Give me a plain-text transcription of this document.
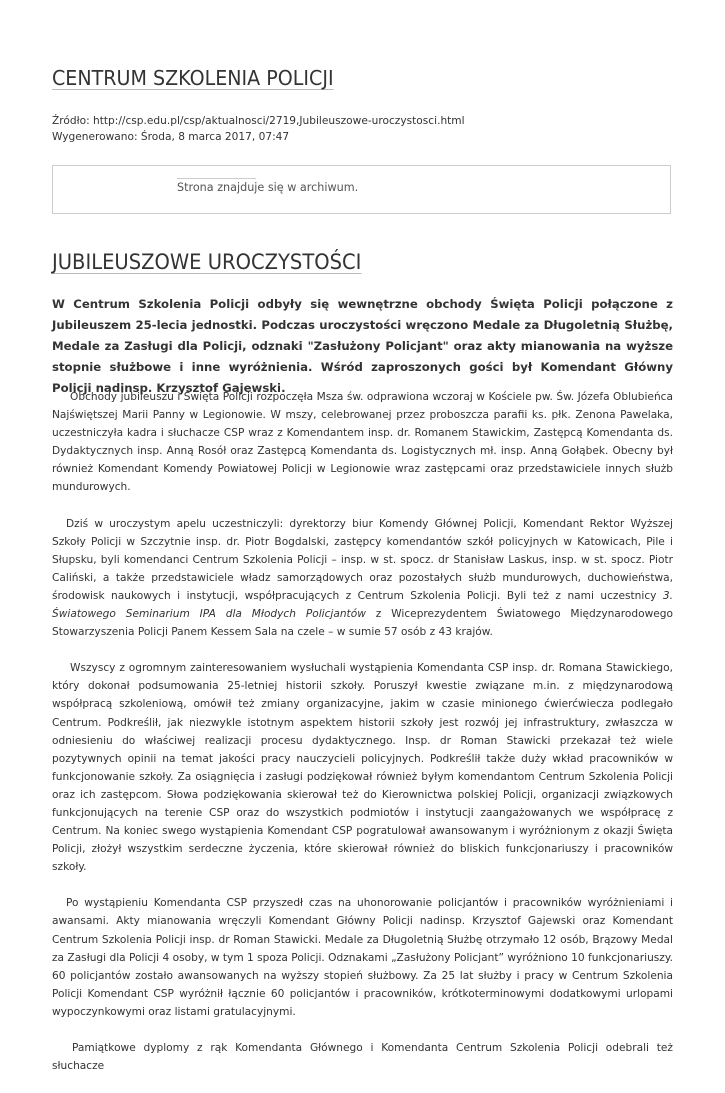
CENTRUM SZKOLENIA POLICJI
Źródło: http://csp.edu.pl/csp/aktualnosci/2719,Jubileuszowe-uroczystosci.html
Wygenerowano: Środa, 8 marca 2017, 07:47
Strona znajduje się w archiwum.
JUBILEUSZOWE UROCZYSTOŚCI

W Centrum Szkolenia Policji odbyły się wewnętrzne obchody Święta Policji połączone z Jubileuszem 25-lecia jednostki. Podczas uroczystości wręczono Medale za Długoletnią Służbę, Medale za Zasługi dla Policji, odznaki "Zasłużony Policjant" oraz akty mianowania na wyższe stopnie służbowe i inne wyróżnienia. Wśród zaproszonych gości był Komendant Główny Policji nadinsp. Krzysztof Gajewski.

Obchody jubileuszu i Święta Policji rozpoczęła Msza św. odprawiona wczoraj w Kościele pw. Św. Józefa Oblubieńca Najświętszej Marii Panny w Legionowie. W mszy, celebrowanej przez proboszcza parafii ks. płk. Zenona Pawelaka, uczestniczyła kadra i słuchacze CSP wraz z Komendantem insp. dr. Romanem Stawickim, Zastępcą Komendanta ds. Dydaktycznych insp. Anną Rosół oraz Zastępcą Komendanta ds. Logistycznych mł. insp. Anną Gołąbek. Obecny był również Komendant Komendy Powiatowej Policji w Legionowie wraz zastępcami oraz przedstawiciele innych służb mundurowych.

Dziś w uroczystym apelu uczestniczyli: dyrektorzy biur Komendy Głównej Policji, Komendant Rektor Wyższej Szkoły Policji w Szczytnie insp. dr. Piotr Bogdalski, zastępcy komendantów szkół policyjnych w Katowicach, Pile i Słupsku, byli komendanci Centrum Szkolenia Policji – insp. w st. spocz. dr Stanisław Laskus, insp. w st. spocz. Piotr Caliński, a także przedstawiciele władz samorządowych oraz pozostałych służb mundurowych, duchowieństwa, środowisk naukowych i instytucji, współpracujących z Centrum Szkolenia Policji. Byli też z nami uczestnicy 3. Światowego Seminarium IPA dla Młodych Policjantów z Wiceprezydentem Światowego Międzynarodowego Stowarzyszenia Policji Panem Kessem Sala na czele – w sumie 57 osób z 43 krajów.

Wszyscy z ogromnym zainteresowaniem wysłuchali wystąpienia Komendanta CSP insp. dr. Romana Stawickiego, który dokonał podsumowania 25-letniej historii szkoły. Poruszył kwestie związane m.in. z międzynarodową współpracą szkoleniową, omówił też zmiany organizacyjne, jakim w czasie minionego ćwierćwiecza podlegało Centrum. Podkreślił, jak niezwykle istotnym aspektem historii szkoły jest rozwój jej infrastruktury, zwłaszcza w odniesieniu do właściwej realizacji procesu dydaktycznego. Insp. dr Roman Stawicki przekazał też wiele pozytywnych opinii na temat jakości pracy nauczycieli policyjnych. Podkreślił także duży wkład pracowników w funkcjonowanie szkoły. Za osiągnięcia i zasługi podziękował również byłym komendantom Centrum Szkolenia Policji oraz ich zastępcom. Słowa podziękowania skierował też do Kierownictwa polskiej Policji, organizacji związkowych funkcjonujących na terenie CSP oraz do wszystkich podmiotów i instytucji zaangażowanych we współpracę z Centrum. Na koniec swego wystąpienia Komendant CSP pogratulował awansowanym i wyróżnionym z okazji Święta Policji, złożył wszystkim serdeczne życzenia, które skierował również do bliskich funkcjonariuszy i pracowników szkoły.

Po wystąpieniu Komendanta CSP przyszedł czas na uhonorowanie policjantów i pracowników wyróżnieniami i awansami. Akty mianowania wręczyli Komendant Główny Policji nadinsp. Krzysztof Gajewski oraz Komendant Centrum Szkolenia Policji insp. dr Roman Stawicki. Medale za Długoletnią Służbę otrzymało 12 osób, Brązowy Medal za Zasługi dla Policji 4 osoby, w tym 1 spoza Policji. Odznakami „Zasłużony Policjant” wyróżniono 10 funkcjonariuszy. 60 policjantów zostało awansowanych na wyższy stopień służbowy. Za 25 lat służby i pracy w Centrum Szkolenia Policji Komendant CSP wyróżnił łącznie 60 policjantów i pracowników, krótkoterminowymi dodatkowymi urlopami wypoczynkowymi oraz listami gratulacyjnymi.

Pamiątkowe dyplomy z rąk Komendanta Głównego i Komendanta Centrum Szkolenia Policji odebrali też słuchacze
